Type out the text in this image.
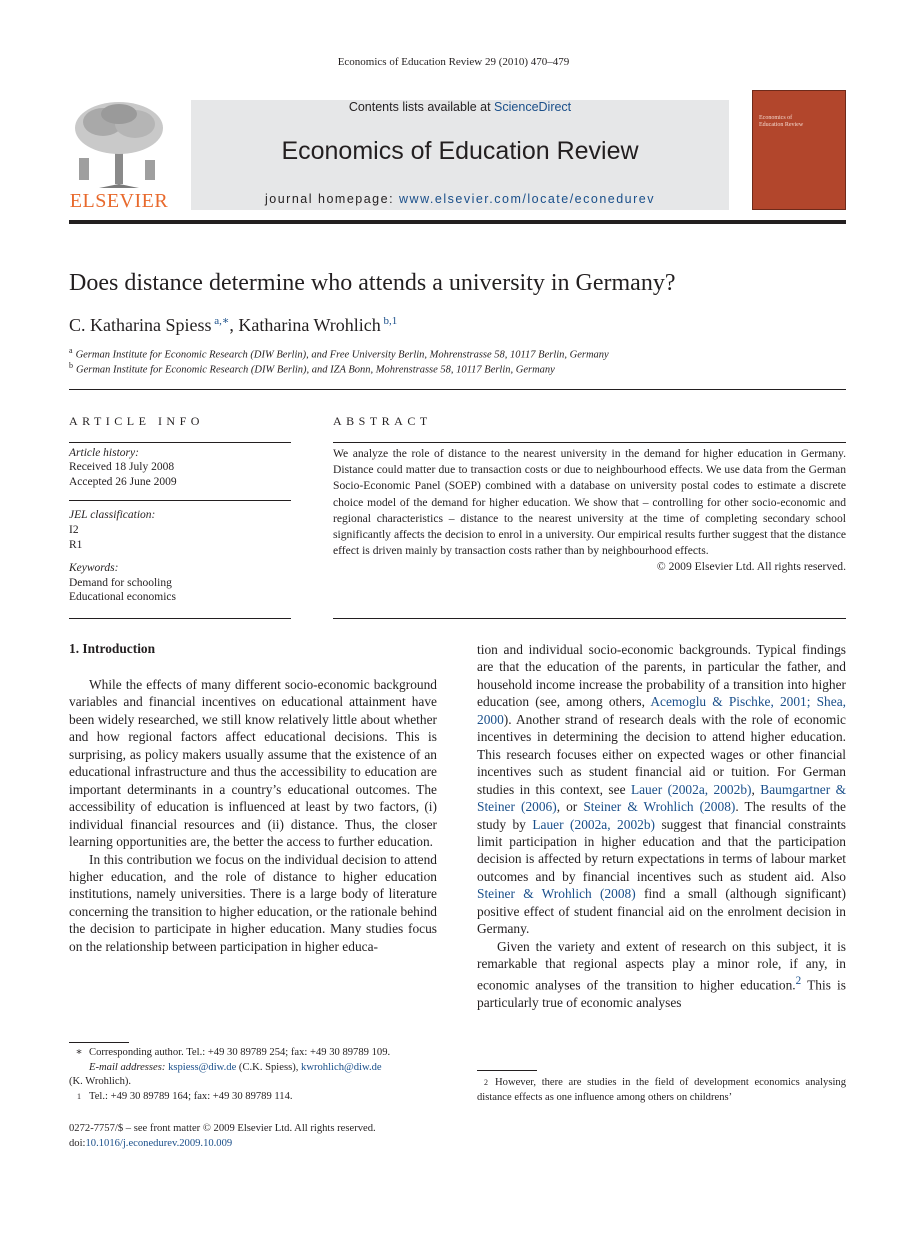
Economics of Education Review 29 (2010) 470–479
ELSEVIER
Contents lists available at ScienceDirect
Economics of Education Review
journal homepage: www.elsevier.com/locate/econedurev
Economics of
Education Review
Does distance determine who attends a university in Germany?
C. Katharina Spiess $^{a,∗}$, Katharina Wrohlich $^{b,1}$
$^a$ German Institute for Economic Research (DIW Berlin), and Free University Berlin, Mohrenstrasse 58, 10117 Berlin, Germany
$^b$ German Institute for Economic Research (DIW Berlin), and IZA Bonn, Mohrenstrasse 58, 10117 Berlin, Germany
ARTICLE INFO
Article history:
Received 18 July 2008
Accepted 26 June 2009
JEL classification:
I2
R1
Keywords:
Demand for schooling
Educational economics
ABSTRACT
We analyze the role of distance to the nearest university in the demand for higher education in Germany. Distance could matter due to transaction costs or due to neighbourhood effects. We use data from the German Socio-Economic Panel (SOEP) combined with a database on university postal codes to estimate a discrete choice model of the demand for higher education. We show that – controlling for other socio-economic and regional characteristics – distance to the nearest university at the time of completing secondary school significantly affects the decision to enrol in a university. Our empirical results further suggest that the distance effect is driven mainly by transaction costs rather than by neighbourhood effects.
© 2009 Elsevier Ltd. All rights reserved.
1. Introduction

While the effects of many different socio-economic background variables and financial incentives on educational attainment have been widely researched, we still know relatively little about whether and how regional factors affect educational decisions. This is surprising, as policy makers usually assume that the existence of an educational infrastructure and thus the accessibility to education are important determinants in a country’s educational outcomes. The accessibility of education is influenced at least by two factors, (i) individual financial resources and (ii) distance. Thus, the closer learning opportunities are, the better the access to further education.

In this contribution we focus on the individual decision to attend higher education, and the role of distance to higher education institutions, namely universities. There is a large body of literature concerning the transition to higher education, or the rationale behind the decision to participate in higher education. Many studies focus on the relationship between participation in higher educa-

tion and individual socio-economic backgrounds. Typical findings are that the education of the parents, in particular the father, and household income increase the probability of a transition into higher education (see, among others, Acemoglu & Pischke, 2001; Shea, 2000). Another strand of research deals with the role of economic incentives in determining the decision to attend higher education. This research focuses either on expected wages or other financial incentives such as student financial aid or tuition. For German studies in this context, see Lauer (2002a, 2002b), Baumgartner & Steiner (2006), or Steiner & Wrohlich (2008). The results of the study by Lauer (2002a, 2002b) suggest that financial constraints limit participation in higher education and that the participation decision is affected by return expectations in terms of labour market outcomes and by financial incentives such as student aid. Also Steiner & Wrohlich (2008) find a small (although significant) positive effect of student financial aid on the enrolment decision in Germany.

Given the variety and extent of research on this subject, it is remarkable that regional aspects play a minor role, if any, in economic analyses of the transition to higher education.$^2$ This is particularly true of economic analyses

∗ Corresponding author. Tel.: +49 30 89789 254; fax: +49 30 89789 109.
E-mail addresses: kspiess@diw.de (C.K. Spiess), kwrohlich@diw.de
(K. Wrohlich).
1 Tel.: +49 30 89789 164; fax: +49 30 89789 114.
2 However, there are studies in the field of development economics analysing distance effects as one influence among others on childrens’
0272-7757/$ – see front matter © 2009 Elsevier Ltd. All rights reserved.
doi:10.1016/j.econedurev.2009.10.009
